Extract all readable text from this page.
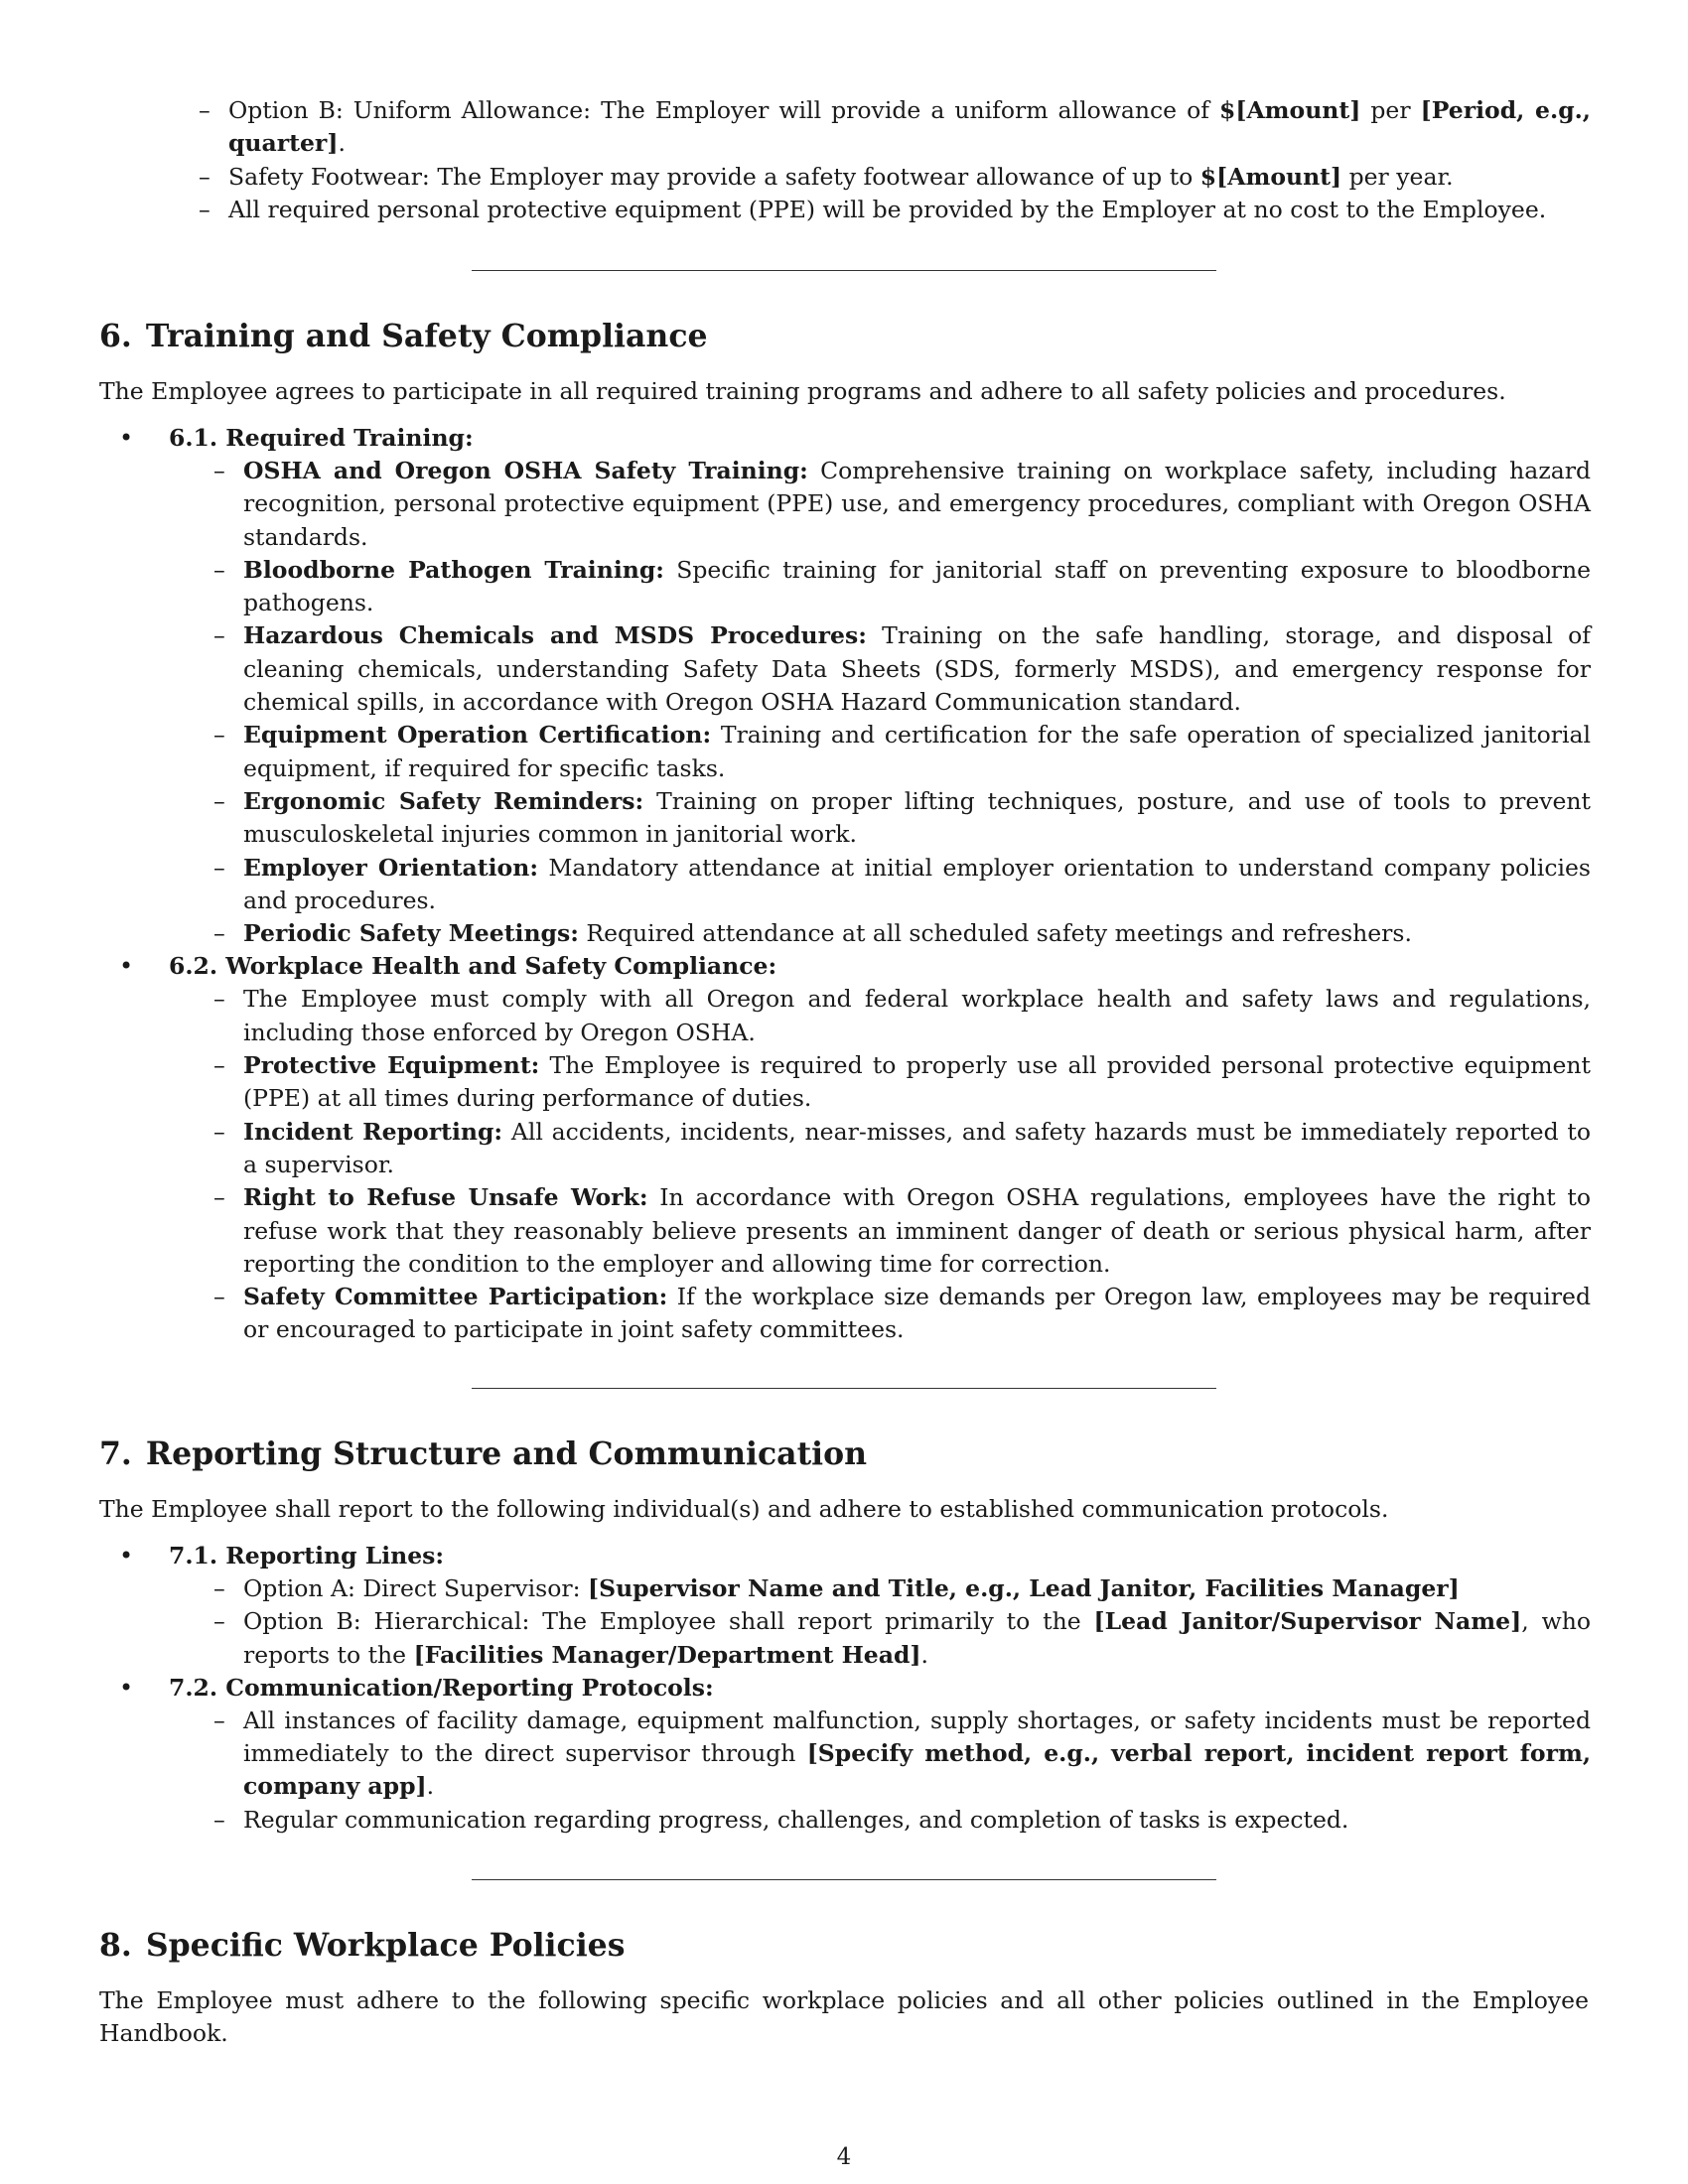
– Option B: Uniform Allowance: The Employer will provide a uniform allowance of $[Amount] per [Period, e.g., quarter].
– Safety Footwear: The Employer may provide a safety footwear allowance of up to $[Amount] per year.
– All required personal protective equipment (PPE) will be provided by the Employer at no cost to the Employee.
6. Training and Safety Compliance

The Employee agrees to participate in all required training programs and adhere to all safety policies and procedures.

• 6.1. Required Training:
– OSHA and Oregon OSHA Safety Training: Comprehensive training on workplace safety, including hazard recognition, personal protective equipment (PPE) use, and emergency procedures, compliant with Oregon OSHA standards.
– Bloodborne Pathogen Training: Specific training for janitorial staff on preventing exposure to bloodborne pathogens.
– Hazardous Chemicals and MSDS Procedures: Training on the safe handling, storage, and disposal of cleaning chemicals, understanding Safety Data Sheets (SDS, formerly MSDS), and emergency response for chemical spills, in accordance with Oregon OSHA Hazard Communication standard.
– Equipment Operation Certification: Training and certification for the safe operation of specialized janitorial equipment, if required for specific tasks.
– Ergonomic Safety Reminders: Training on proper lifting techniques, posture, and use of tools to prevent musculoskeletal injuries common in janitorial work.
– Employer Orientation: Mandatory attendance at initial employer orientation to understand company policies and procedures.
– Periodic Safety Meetings: Required attendance at all scheduled safety meetings and refreshers.
• 6.2. Workplace Health and Safety Compliance:
– The Employee must comply with all Oregon and federal workplace health and safety laws and regulations, including those enforced by Oregon OSHA.
– Protective Equipment: The Employee is required to properly use all provided personal protective equipment (PPE) at all times during performance of duties.
– Incident Reporting: All accidents, incidents, near-misses, and safety hazards must be immediately reported to a supervisor.
– Right to Refuse Unsafe Work: In accordance with Oregon OSHA regulations, employees have the right to refuse work that they reasonably believe presents an imminent danger of death or serious physical harm, after reporting the condition to the employer and allowing time for correction.
– Safety Committee Participation: If the workplace size demands per Oregon law, employees may be required or encouraged to participate in joint safety committees.
7. Reporting Structure and Communication

The Employee shall report to the following individual(s) and adhere to established communication protocols.

• 7.1. Reporting Lines:
– Option A: Direct Supervisor: [Supervisor Name and Title, e.g., Lead Janitor, Facilities Manager]
– Option B: Hierarchical: The Employee shall report primarily to the [Lead Janitor/Supervisor Name], who reports to the [Facilities Manager/Department Head].
• 7.2. Communication/Reporting Protocols:
– All instances of facility damage, equipment malfunction, supply shortages, or safety incidents must be reported immediately to the direct supervisor through [Specify method, e.g., verbal report, incident report form, company app].
– Regular communication regarding progress, challenges, and completion of tasks is expected.
8. Specific Workplace Policies

The Employee must adhere to the following specific workplace policies and all other policies outlined in the Employee Handbook.

4
